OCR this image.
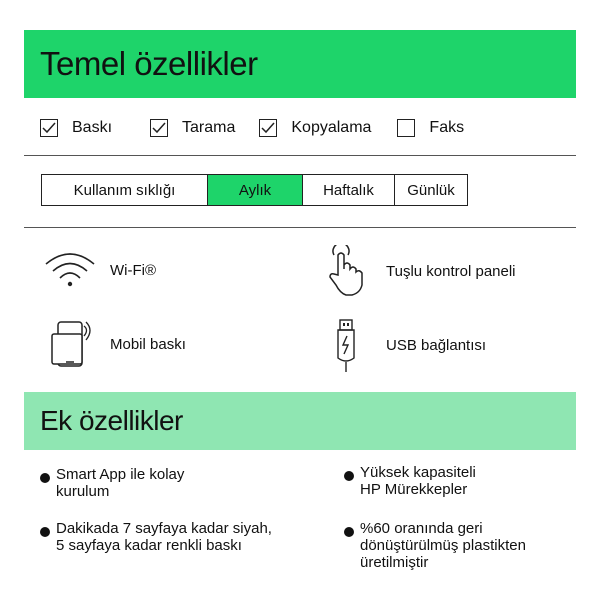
Temel özellikler
Baskı	Tarama	Kopyalama	Faks
Kullanım sıklığı	Aylık	Haftalık	Günlük
Wi-Fi®	Tuşlu kontrol paneli
Mobil baskı	USB bağlantısı
Ek özellikler
Smart App ile kolay
kurulum
Yüksek kapasiteli
HP Mürekkepler
Dakikada 7 sayfaya kadar siyah,
5 sayfaya kadar renkli baskı
%60 oranında geri
dönüştürülmüş plastikten
üretilmiştir
